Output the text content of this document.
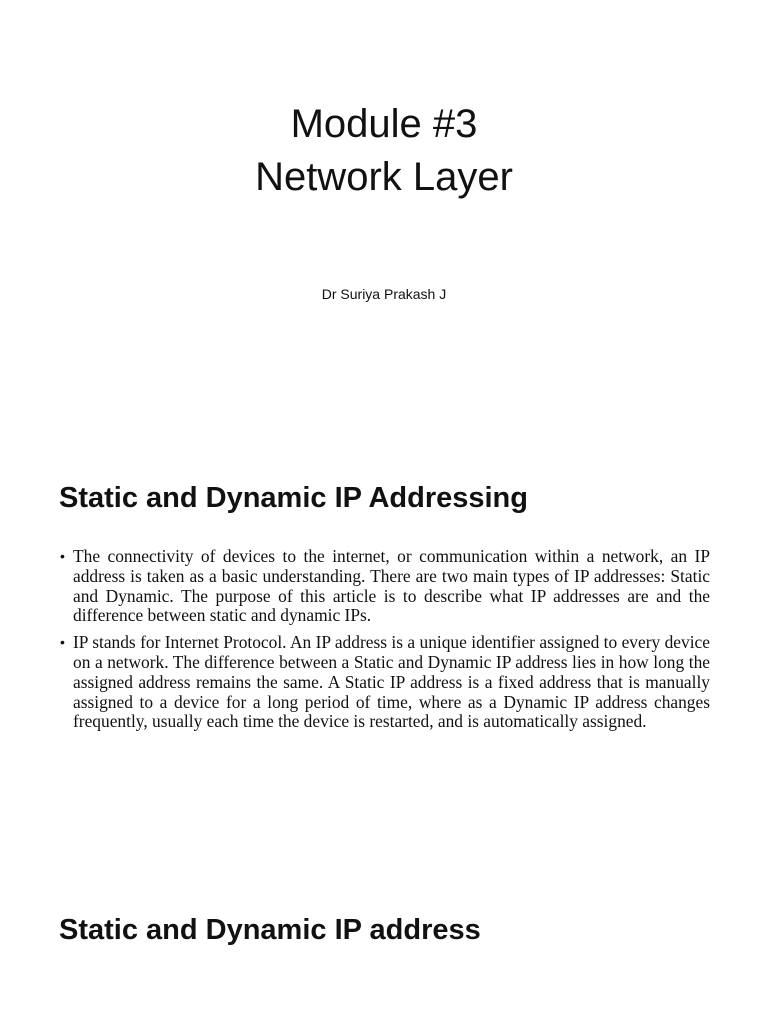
Module #3
Network Layer
Dr Suriya Prakash J
Static and Dynamic IP Addressing
• The connectivity of devices to the internet, or communication within a network, an IP address is taken as a basic understanding. There are two main types of IP addresses: Static and Dynamic. The purpose of this article is to describe what IP addresses are and the difference between static and dynamic IPs.
• IP stands for Internet Protocol. An IP address is a unique identifier assigned to every device on a network. The difference between a Static and Dynamic IP address lies in how long the assigned address remains the same. A Static IP address is a fixed address that is manually assigned to a device for a long period of time, where as a Dynamic IP address changes frequently, usually each time the device is restarted, and is automatically assigned.
Static and Dynamic IP address
